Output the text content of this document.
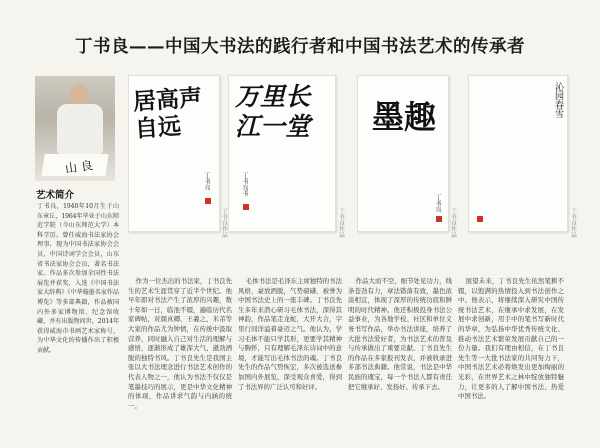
丁书良——中国大书法的践行者和中国书法艺术的传承者
山 良
艺术简介
丁书良，1940年10月生于山东章丘，1964年毕业于山东师范学院（今山东师范大学）本科学历。曾任威海书法家协会理事，现为中国书法家协会会员，中国诗词学会会员，山东省书法家协会会员，著名书法家。作品多次参加全国性书法展览并获奖，入选《中国书法家大辞典》《中华翰墨名家作品博览》等多部典籍，作品被国内外多家博物馆、纪念馆收藏，并有出版物问世，2014年获得威海市书画艺术家称号，为中华文化的传播作出了积极贡献。
居高声自远
丁书良
丁书良作品
万里长江一堂
丁书良书
丁书良作品
墨趣
丁书良
丁书良作品
沁园春雪
丁书良作品
作为一位杰出的书法家，丁书良先生的艺术生涯贯穿了近半个世纪。他早年即对书法产生了浓厚的兴趣，数十年如一日，临池不辍，遍临历代名家碑帖，对颜真卿、王羲之、米芾等大家的作品尤为钟情，在传统中汲取营养，同时融入自己对生活的理解与感悟，逐渐形成了雄浑大气、遒劲洒脱的独特书风。丁书良先生是我国主张以大书法理念进行书法艺术创作的代表人物之一，他认为书法不仅仅是笔墨技巧的展示，更是中华文化精神的体现，作品讲求气韵与内涵的统一。
毛体书法是毛泽东主席独特的书法风格，豪放洒脱，气势磅礴，被誉为中国书法史上的一座丰碑。丁书良先生多年来潜心研习毛体书法，深得其神韵，作品笔走龙蛇，大开大合，字里行间洋溢着豪迈之气。他认为，学习毛体不能只学其形，更要学其精神与胸怀，只有理解毛泽东诗词中的意境，才能写出毛体书法的魂。丁书良先生的作品气势恢宏，多次被选送参加国内外展览，深受观众喜爱，得到了书法界的广泛认可和好评。
作品大而不空，细节处见功力，线条苍劲有力，章法错落有致，墨色浓淡相宜，体现了深厚的传统功底和鲜明的时代精神。他还积极投身书法公益事业，为各地学校、社区和单位义务书写作品，举办书法讲座，培养了大批书法爱好者，为书法艺术的普及与传承做出了重要贡献。丁书良先生的作品在多家报刊发表，并被收录进多部书法典籍。他常说，书法是中华民族的瑰宝，每一个书法人都有责任把它继承好、发扬好、传承下去。
展望未来，丁书良先生依然笔耕不辍，以饱满的热情投入到书法创作之中。他表示，将继续深入研究中国传统书法艺术，在继承中求发展，在发展中求创新，用手中的笔书写新时代的华章，为弘扬中华优秀传统文化、推动书法艺术繁荣发展贡献自己的一份力量。我们有理由相信，在丁书良先生等一大批书法家的共同努力下，中国书法艺术必将焕发出更加绚丽的光彩，在世界艺术之林中绽放独特魅力，让更多的人了解中国书法、热爱中国书法。
